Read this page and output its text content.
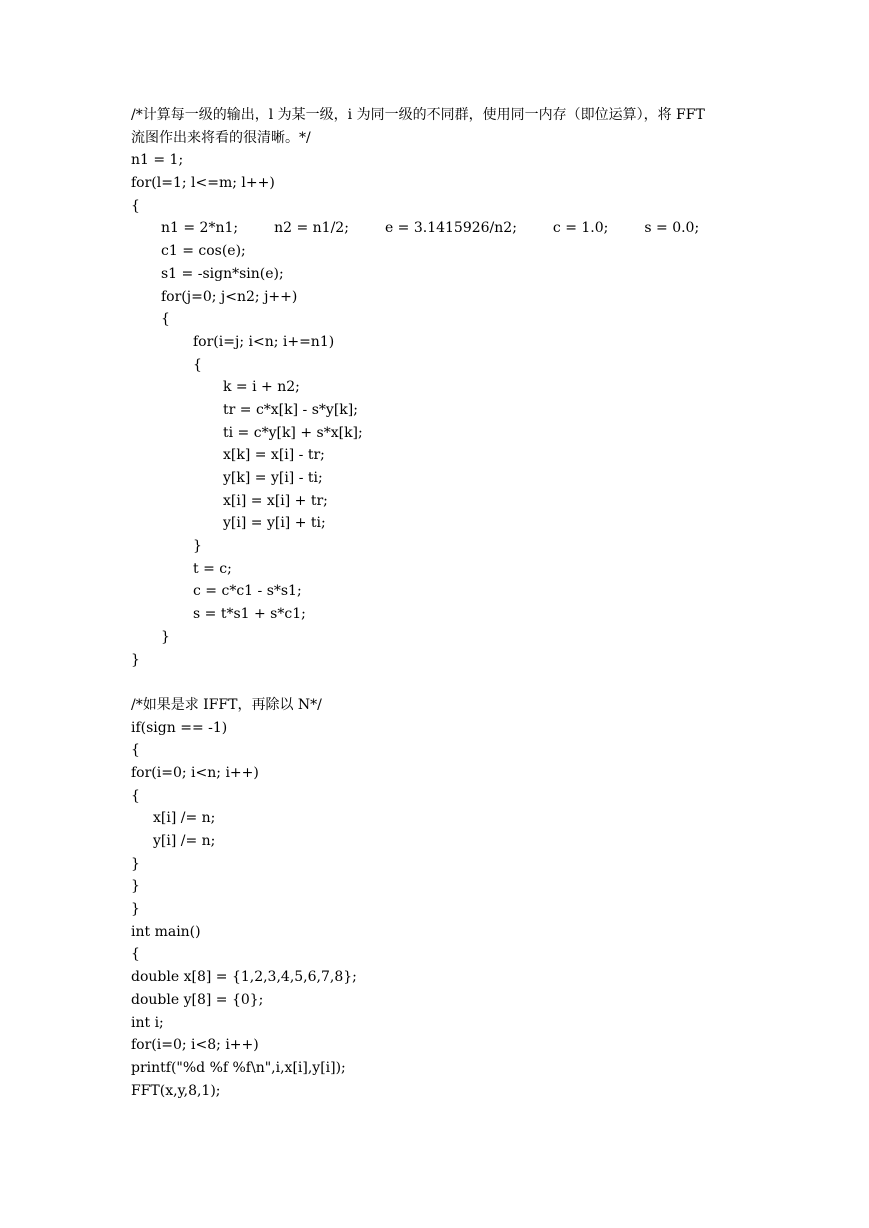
/*计算每一级的输出，l 为某一级，i 为同一级的不同群，使用同一内存（即位运算），将 FFT
流图作出来将看的很清晰。*/
n1 = 1;
for(l=1; l<=m; l++)
{
n1 = 2*n1;	n2 = n1/2;	e = 3.1415926/n2;	c = 1.0;	s = 0.0;
c1 = cos(e);
s1 = -sign*sin(e);
for(j=0; j<n2; j++)
{
for(i=j; i<n; i+=n1)
{
k = i + n2;
tr = c*x[k] - s*y[k];
ti = c*y[k] + s*x[k];
x[k] = x[i] - tr;
y[k] = y[i] - ti;
x[i] = x[i] + tr;
y[i] = y[i] + ti;
}
t = c;
c = c*c1 - s*s1;
s = t*s1 + s*c1;
}
}
/*如果是求 IFFT，再除以 N*/
if(sign == -1)
{
for(i=0; i<n; i++)
{
x[i] /= n;
y[i] /= n;
}
}
}
int main()
{
double x[8] = {1,2,3,4,5,6,7,8};
double y[8] = {0};
int i;
for(i=0; i<8; i++)
printf("%d %f %f\n",i,x[i],y[i]);
FFT(x,y,8,1);
